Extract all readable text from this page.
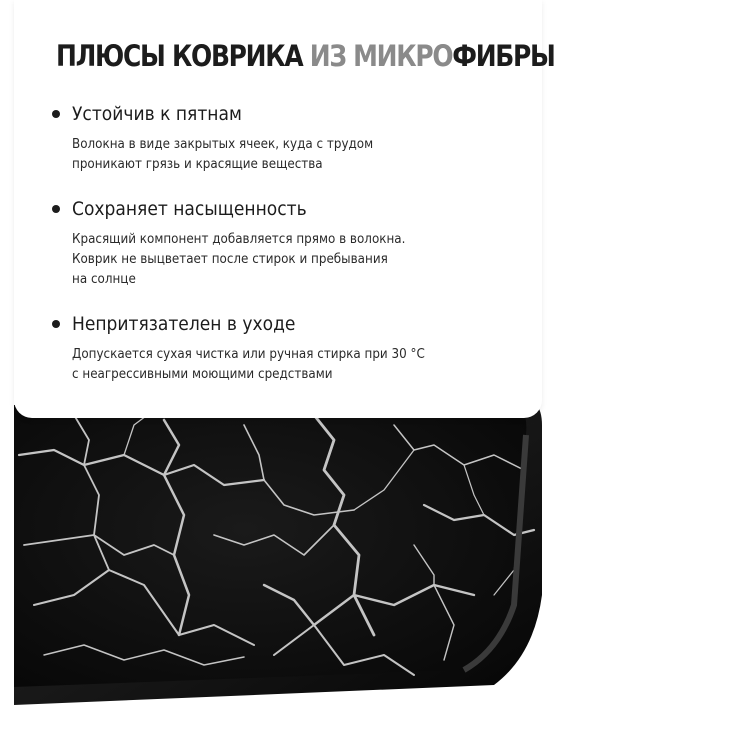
ПЛЮСЫ КОВРИКА ИЗ МИКРОФИБРЫ
Устойчив к пятнам
Волокна в виде закрытых ячеек, куда с трудом
проникают грязь и красящие вещества
Сохраняет насыщенность
Красящий компонент добавляется прямо в волокна.
Коврик не выцветает после стирок и пребывания
на солнце
Непритязателен в уходе
Допускается сухая чистка или ручная стирка при 30 °С
с неагрессивными моющими средствами
